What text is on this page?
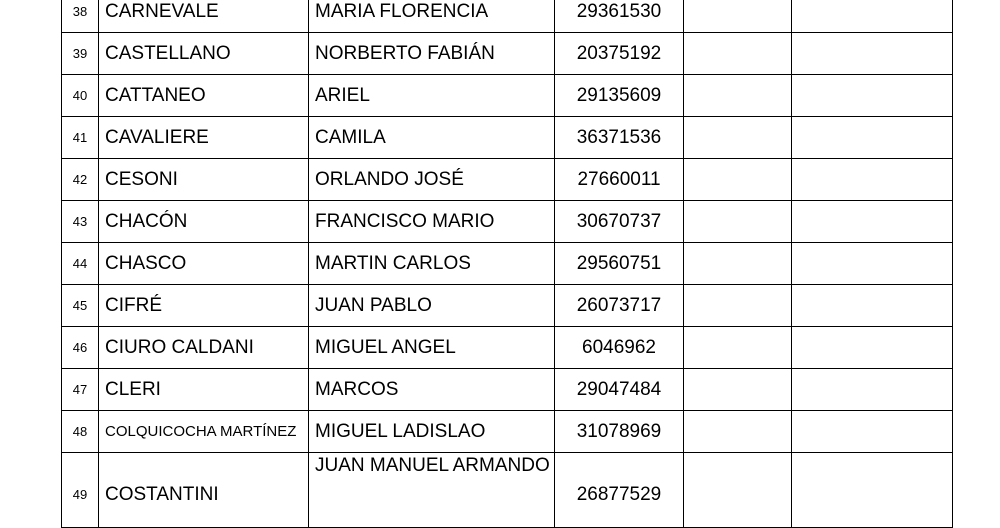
38	CARNEVALE	MARIA FLORENCIA	29361530		
39	CASTELLANO	NORBERTO FABIÁN	20375192		
40	CATTANEO	ARIEL	29135609		
41	CAVALIERE	CAMILA	36371536		
42	CESONI	ORLANDO JOSÉ	27660011		
43	CHACÓN	FRANCISCO MARIO	30670737		
44	CHASCO	MARTIN CARLOS	29560751		
45	CIFRÉ	JUAN PABLO	26073717		
46	CIURO CALDANI	MIGUEL ANGEL	6046962		
47	CLERI	MARCOS	29047484		
48	COLQUICOCHA MARTÍNEZ	MIGUEL LADISLAO	31078969		
49	COSTANTINI	JUAN MANUEL ARMANDO	26877529		
